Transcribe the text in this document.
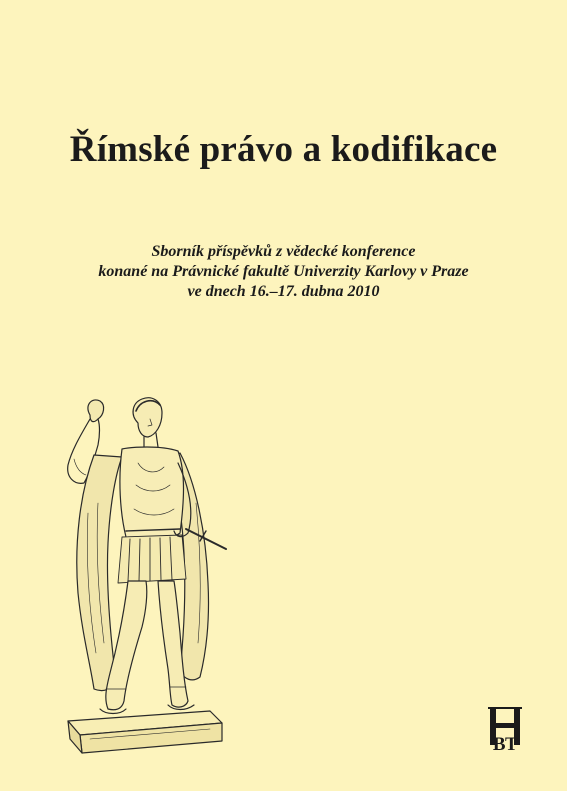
Římské právo a kodifikace
Sborník příspěvků z vědecké konference
konané na Právnické fakultě Univerzity Karlovy v Praze
ve dnech 16.–17. dubna 2010
BT
